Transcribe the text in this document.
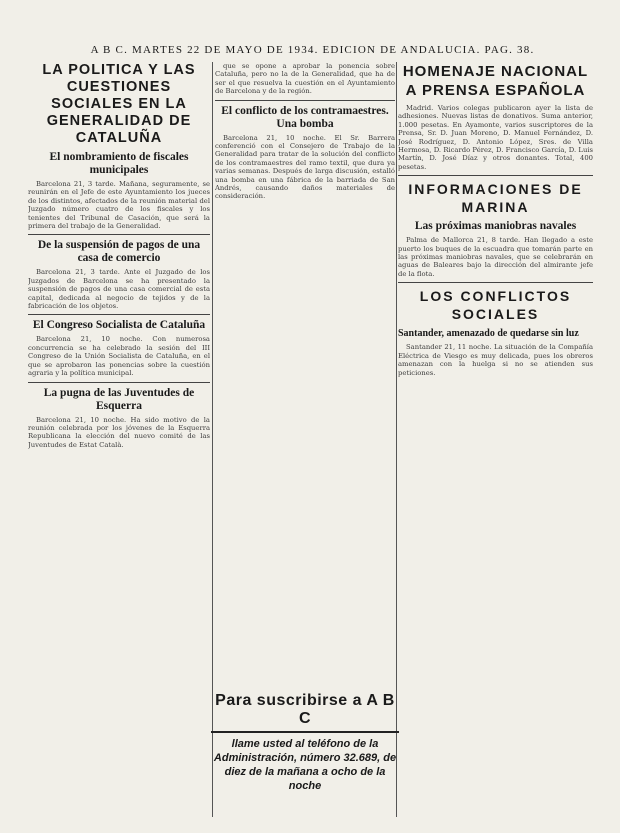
A B C. MARTES 22 DE MAYO DE 1934. EDICION DE ANDALUCIA. PAG. 38.
LA POLITICA Y LAS CUESTIONES SOCIALES EN LA GENERALIDAD DE CATALUÑA
El nombramiento de fiscales municipales

Barcelona 21, 3 tarde. Mañana, seguramente, se reunirán en el Jefe de este Ayuntamiento los jueces de los distintos, afectados de la reunión material del Juzgado número cuatro de los fiscales y los tenientes del Tribunal de Casación, que será la primera del trabajo de la Generalidad.

De la suspensión de pagos de una casa de comercio

Barcelona 21, 3 tarde. Ante el Juzgado de los Juzgados de Barcelona se ha presentado la suspensión de pagos de una casa comercial de esta capital, dedicada al negocio de tejidos y de la fabricación de los objetos.

El Congreso Socialista de Cataluña

Barcelona 21, 10 noche. Con numerosa concurrencia se ha celebrado la sesión del III Congreso de la Unión Socialista de Cataluña, en el que se aprobaron las ponencias sobre la cuestión agraria y la política municipal.

La pugna de las Juventudes de Esquerra

Barcelona 21, 10 noche. Ha sido motivo de la reunión celebrada por los jóvenes de la Esquerra Republicana la elección del nuevo comité de las Juventudes de Estat Català.

que se opone a aprobar la ponencia sobre Cataluña, pero no la de la Generalidad, que ha de ser el que resuelva la cuestión en el Ayuntamiento de Barcelona y de la región.

El conflicto de los contramaestres. Una bomba

Barcelona 21, 10 noche. El Sr. Barrera conferenció con el Consejero de Trabajo de la Generalidad para tratar de la solución del conflicto de los contramaestres del ramo textil, que dura ya varias semanas. Después de larga discusión, estalló una bomba en una fábrica de la barriada de San Andrés, causando daños materiales de consideración.

Para suscribirse a A B C
llame usted al teléfono de la Administración, número 32.689, de diez de la mañana a ocho de la noche
HOMENAJE NACIONAL A PRENSA ESPAÑOLA

Madrid. Varios colegas publicaron ayer la lista de adhesiones. Nuevas listas de donativos. Suma anterior, 1.000 pesetas. En Ayamonte, varios suscriptores de la Prensa, Sr. D. Juan Moreno, D. Manuel Fernández, D. José Rodríguez, D. Antonio López, Sres. de Villa Hermosa, D. Ricardo Pérez, D. Francisco García, D. Luis Martín, D. José Díaz y otros donantes. Total, 400 pesetas.

INFORMACIONES DE MARINA
Las próximas maniobras navales

Palma de Mallorca 21, 8 tarde. Han llegado a este puerto los buques de la escuadra que tomarán parte en las próximas maniobras navales, que se celebrarán en aguas de Baleares bajo la dirección del almirante jefe de la flota.

LOS CONFLICTOS SOCIALES
Santander, amenazado de quedarse sin luz

Santander 21, 11 noche. La situación de la Compañía Eléctrica de Viesgo es muy delicada, pues los obreros amenazan con la huelga si no se atienden sus peticiones.
